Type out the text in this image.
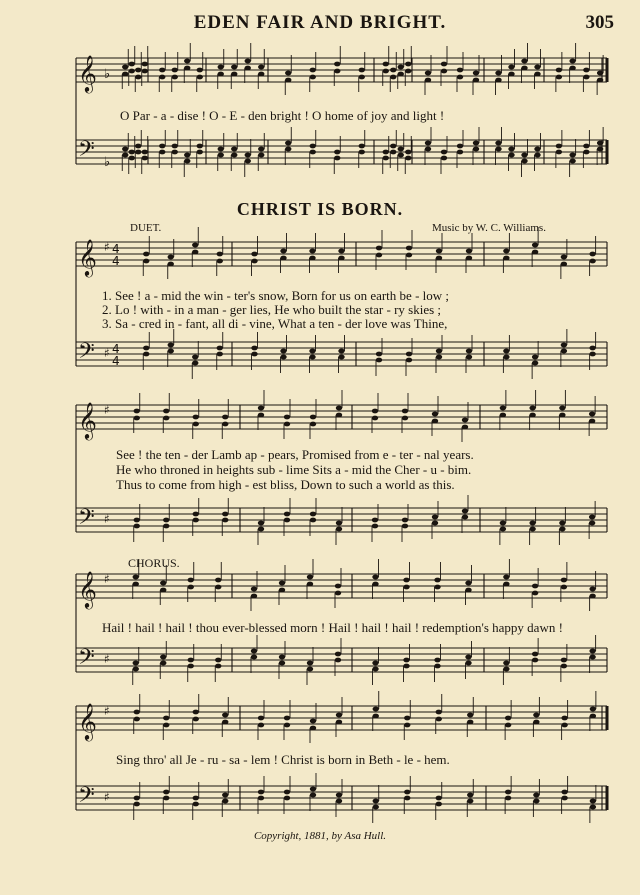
𝄞
𝄢
♭
♭
𝄞
𝄢
♯
♯
4
4
4
4
𝄞
𝄢
♯
♯
𝄞
𝄢
♯
♯
𝄞
𝄢
♯
♯
EDEN FAIR AND BRIGHT.	305
O Par - a - dise ! O - E - den bright ! O home of joy and light !
CHRIST IS BORN.
DUET.	Music by W. C. Williams.
1. See ! a - mid the win - ter's snow, Born for us on earth be - low ;
2. Lo ! with - in a man - ger lies, He who built the star - ry skies ;
3. Sa - cred in - fant, all di - vine, What a ten - der love was Thine,
See ! the ten - der Lamb ap - pears, Promised from e - ter - nal years.
He who throned in heights sub - lime Sits a - mid the Cher - u - bim.
Thus to come from high - est bliss, Down to such a world as this.
CHORUS.
Hail ! hail ! hail ! thou ever-blessed morn ! Hail ! hail ! hail ! redemption's happy dawn !
Sing thro' all Je - ru - sa - lem ! Christ is born in Beth - le - hem.
Copyright, 1881, by Asa Hull.
